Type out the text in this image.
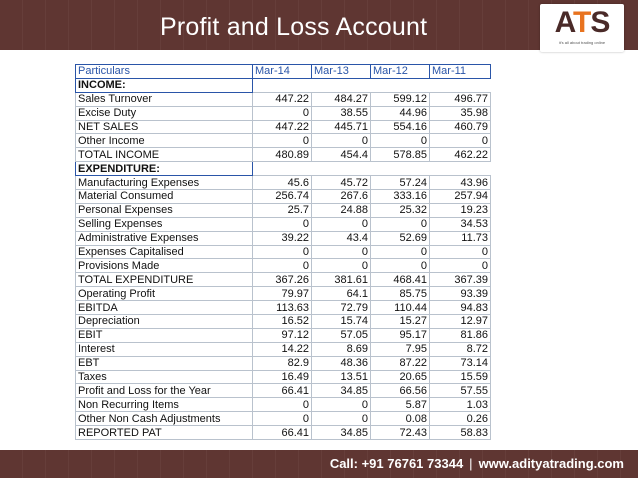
Profit and Loss Account	ATS
it's all about trading online
Particulars	Mar-14	Mar-13	Mar-12	Mar-11
INCOME:				
Sales Turnover	447.22	484.27	599.12	496.77
Excise Duty	0	38.55	44.96	35.98
NET SALES	447.22	445.71	554.16	460.79
Other Income	0	0	0	0
TOTAL INCOME	480.89	454.4	578.85	462.22
EXPENDITURE:				
Manufacturing Expenses	45.6	45.72	57.24	43.96
Material Consumed	256.74	267.6	333.16	257.94
Personal Expenses	25.7	24.88	25.32	19.23
Selling Expenses	0	0	0	34.53
Administrative Expenses	39.22	43.4	52.69	11.73
Expenses Capitalised	0	0	0	0
Provisions Made	0	0	0	0
TOTAL EXPENDITURE	367.26	381.61	468.41	367.39
Operating Profit	79.97	64.1	85.75	93.39
EBITDA	113.63	72.79	110.44	94.83
Depreciation	16.52	15.74	15.27	12.97
EBIT	97.12	57.05	95.17	81.86
Interest	14.22	8.69	7.95	8.72
EBT	82.9	48.36	87.22	73.14
Taxes	16.49	13.51	20.65	15.59
Profit and Loss for the Year	66.41	34.85	66.56	57.55
Non Recurring Items	0	0	5.87	1.03
Other Non Cash Adjustments	0	0	0.08	0.26
REPORTED PAT	66.41	34.85	72.43	58.83
Call: +91 76761 73344 | www.adityatrading.com
